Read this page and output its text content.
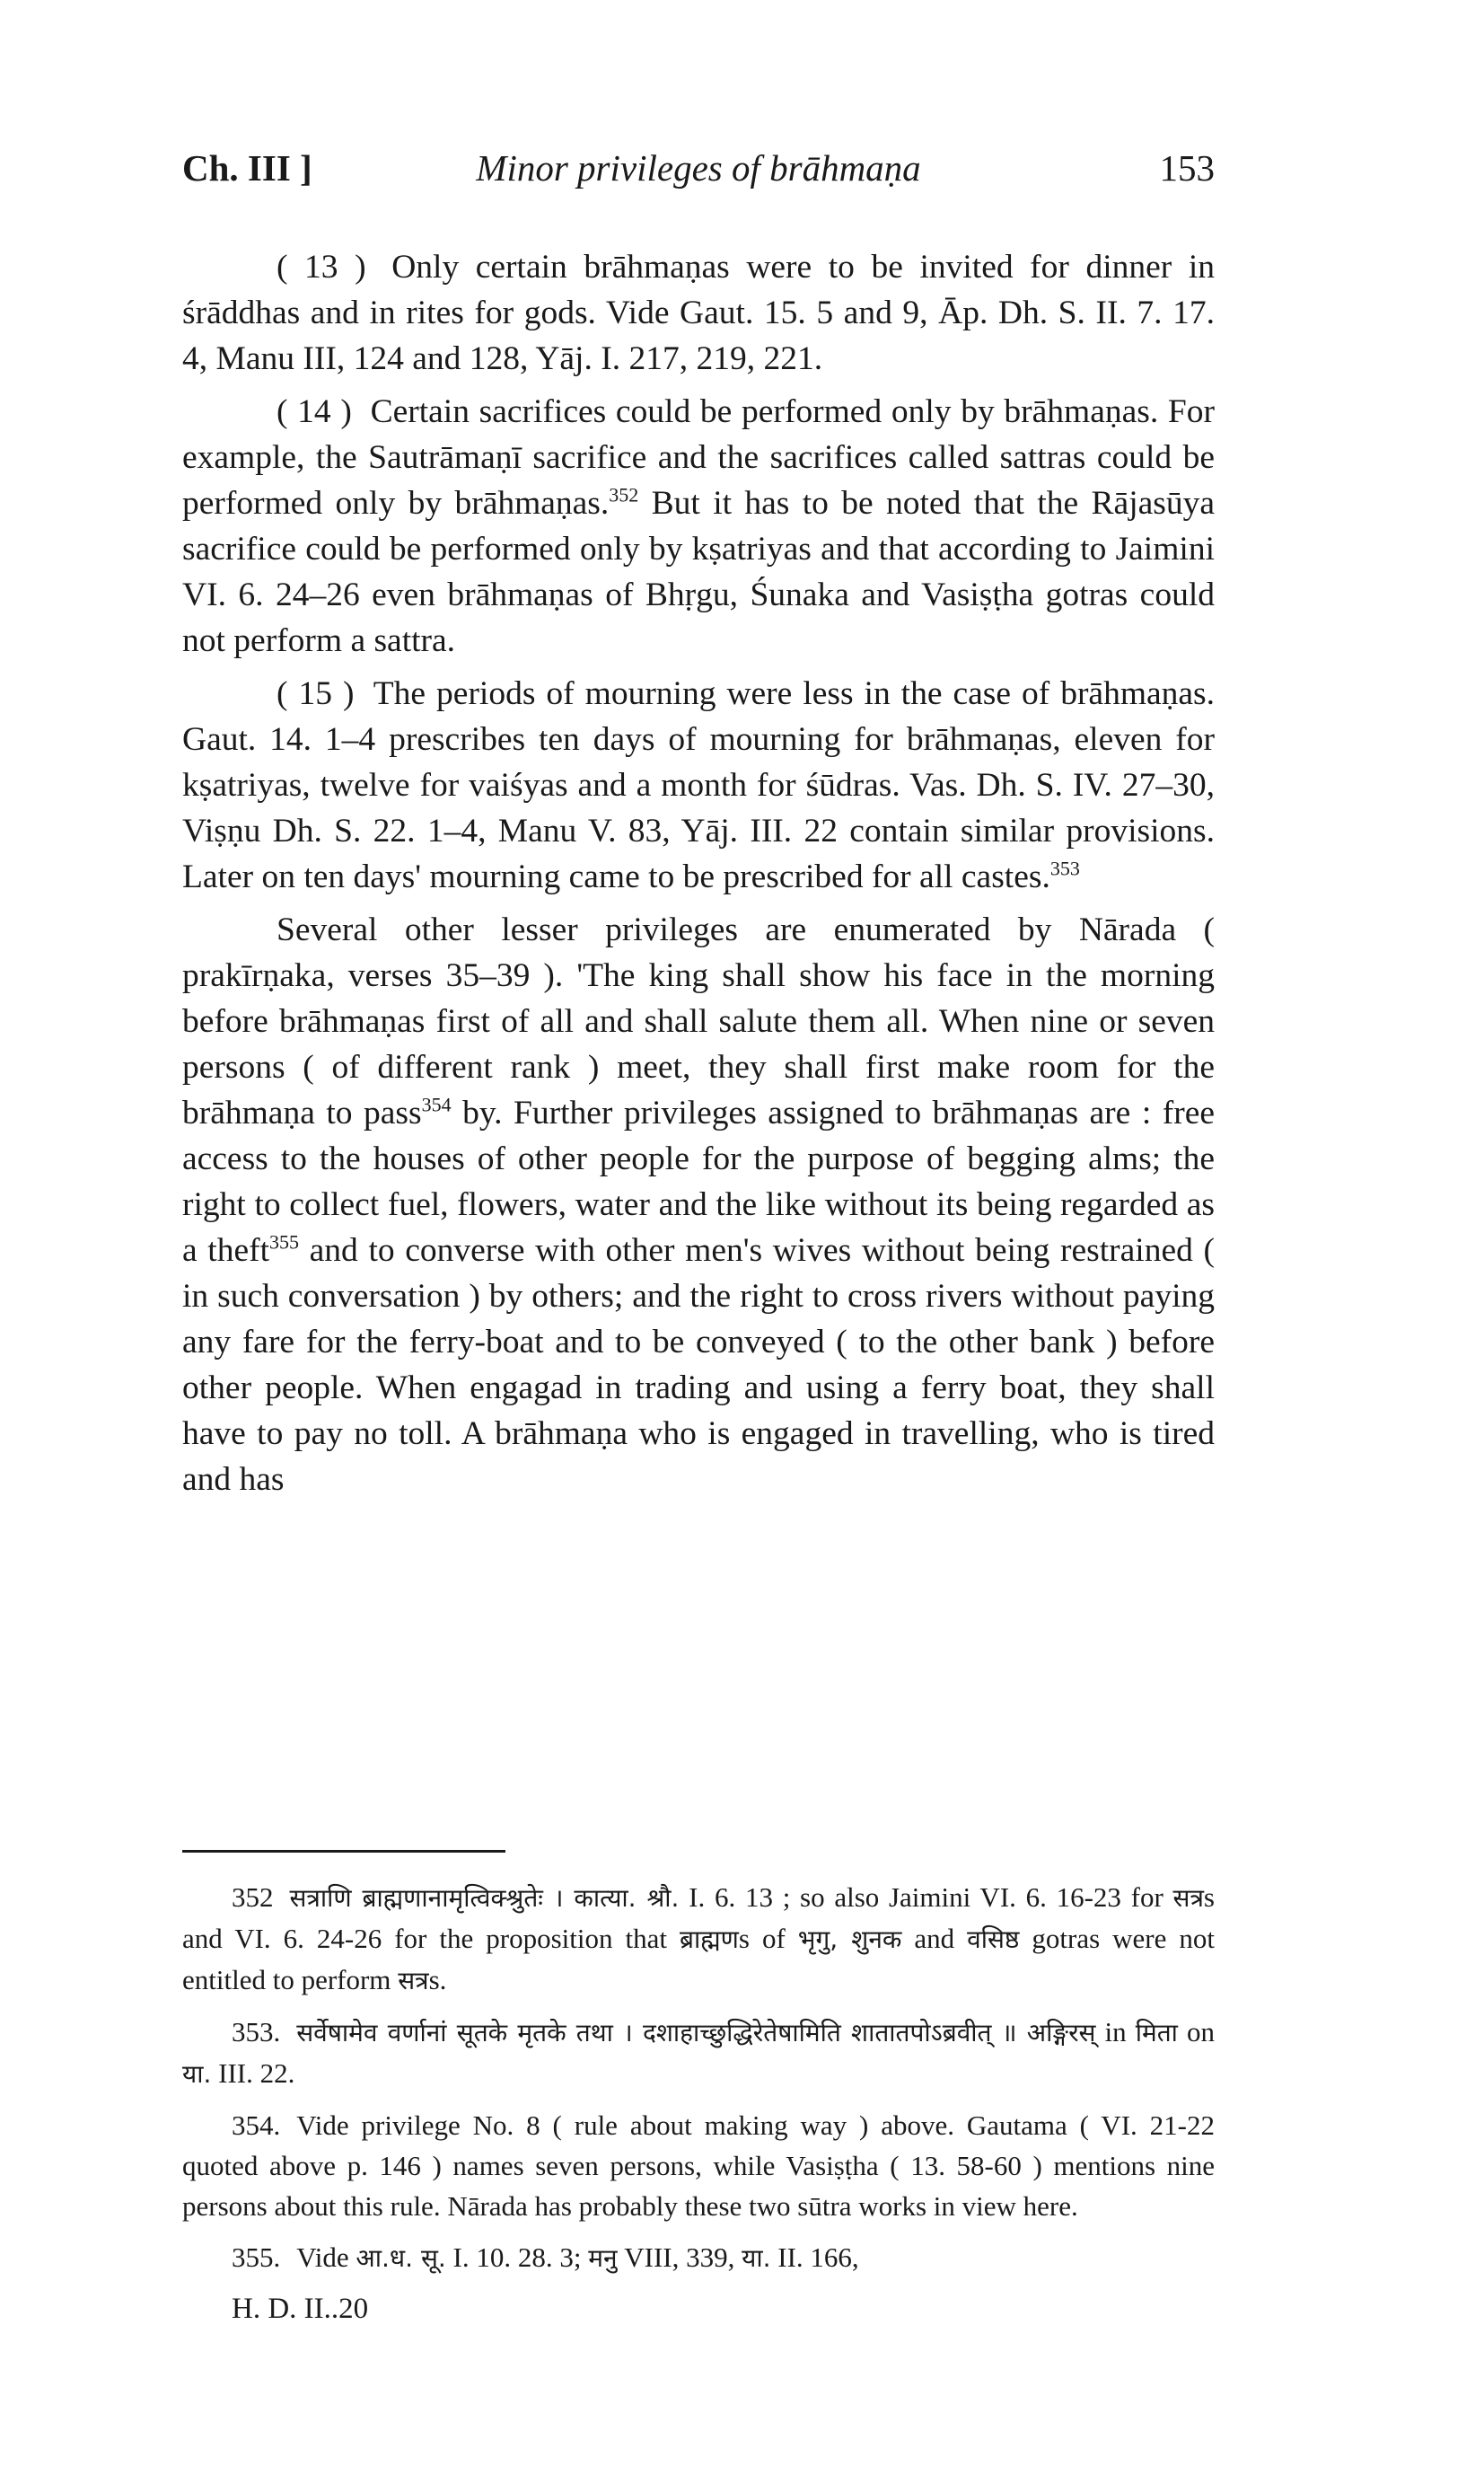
Ch. III ]	Minor privileges of brāhmaṇa	153

( 13 ) Only certain brāhmaṇas were to be invited for dinner in śrāddhas and in rites for gods. Vide Gaut. 15. 5 and 9, Āp. Dh. S. II. 7. 17. 4, Manu III, 124 and 128, Yāj. I. 217, 219, 221.

( 14 ) Certain sacrifices could be performed only by brāhmaṇas. For example, the Sautrāmaṇī sacrifice and the sacrifices called sattras could be performed only by brāhmaṇas.$^{352}$ But it has to be noted that the Rājasūya sacrifice could be performed only by kṣatriyas and that according to Jaimini VI. 6. 24–26 even brāhmaṇas of Bhṛgu, Śunaka and Vasiṣṭha gotras could not perform a sattra.

( 15 ) The periods of mourning were less in the case of brāhmaṇas. Gaut. 14. 1–4 prescribes ten days of mourning for brāhmaṇas, eleven for kṣatriyas, twelve for vaiśyas and a month for śūdras. Vas. Dh. S. IV. 27–30, Viṣṇu Dh. S. 22. 1–4, Manu V. 83, Yāj. III. 22 contain similar provisions. Later on ten days' mourning came to be prescribed for all castes.$^{353}$

Several other lesser privileges are enumerated by Nārada ( prakīrṇaka, verses 35–39 ). 'The king shall show his face in the morning before brāhmaṇas first of all and shall salute them all. When nine or seven persons ( of different rank ) meet, they shall first make room for the brāhmaṇa to pass$^{354}$ by. Further privileges assigned to brāhmaṇas are : free access to the houses of other people for the purpose of begging alms; the right to collect fuel, flowers, water and the like without its being regarded as a theft$^{355}$ and to converse with other men's wives without being restrained ( in such conversation ) by others; and the right to cross rivers without paying any fare for the ferry-boat and to be conveyed ( to the other bank ) before other people. When engagad in trading and using a ferry boat, they shall have to pay no toll. A brāhmaṇa who is engaged in travelling, who is tired and has

352 सत्राणि ब्राह्मणानामृत्विक्श्रुतेः । कात्या. श्रौ. I. 6. 13 ; so also Jaimini VI. 6. 16-23 for सत्रs and VI. 6. 24-26 for the proposition that ब्राह्मणs of भृगु, शुनक and वसिष्ठ gotras were not entitled to perform सत्रs.

353. सर्वेषामेव वर्णानां सूतके मृतके तथा । दशाहाच्छुद्धिरेतेषामिति शातातपोऽब्रवीत् ॥ अङ्गिरस् in मिता on या. III. 22.

354. Vide privilege No. 8 ( rule about making way ) above. Gautama ( VI. 21-22 quoted above p. 146 ) names seven persons, while Vasiṣṭha ( 13. 58-60 ) mentions nine persons about this rule. Nārada has probably these two sūtra works in view here.

355. Vide आ.ध. सू. I. 10. 28. 3; मनु VIII, 339, या. II. 166,

H. D. II..20
